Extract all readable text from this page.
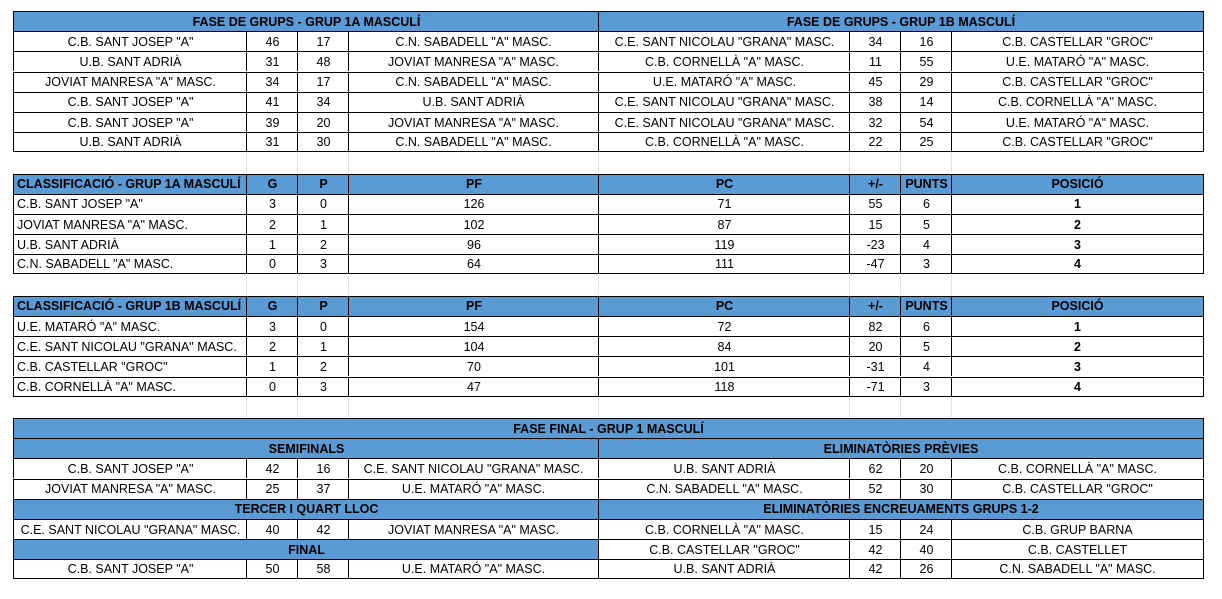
FASE DE GRUPS - GRUP 1A MASCULÍ	FASE DE GRUPS - GRUP 1B MASCULÍ
C.B. SANT JOSEP "A"	46	17	C.N. SABADELL "A" MASC.	C.E. SANT NICOLAU "GRANA" MASC.	34	16	C.B. CASTELLAR "GROC"
U.B. SANT ADRIÀ	31	48	JOVIAT MANRESA "A" MASC.	C.B. CORNELLÀ "A" MASC.	11	55	U.E. MATARÓ "A" MASC.
JOVIAT MANRESA "A" MASC.	34	17	C.N. SABADELL "A" MASC.	U.E. MATARÓ "A" MASC.	45	29	C.B. CASTELLAR "GROC"
C.B. SANT JOSEP "A"	41	34	U.B. SANT ADRIÀ	C.E. SANT NICOLAU "GRANA" MASC.	38	14	C.B. CORNELLÀ "A" MASC.
C.B. SANT JOSEP "A"	39	20	JOVIAT MANRESA "A" MASC.	C.E. SANT NICOLAU "GRANA" MASC.	32	54	U.E. MATARÓ "A" MASC.
U.B. SANT ADRIÀ	31	30	C.N. SABADELL "A" MASC.	C.B. CORNELLÀ "A" MASC.	22	25	C.B. CASTELLAR "GROC"
CLASSIFICACIÓ - GRUP 1A MASCULÍ	G	P	PF	PC	+/-	PUNTS	POSICIÓ
C.B. SANT JOSEP "A"	3	0	126	71	55	6	1
JOVIAT MANRESA "A" MASC.	2	1	102	87	15	5	2
U.B. SANT ADRIÀ	1	2	96	119	-23	4	3
C.N. SABADELL "A" MASC.	0	3	64	111	-47	3	4
CLASSIFICACIÓ - GRUP 1B MASCULÍ	G	P	PF	PC	+/-	PUNTS	POSICIÓ
U.E. MATARÓ "A" MASC.	3	0	154	72	82	6	1
C.E. SANT NICOLAU "GRANA" MASC.	2	1	104	84	20	5	2
C.B. CASTELLAR "GROC"	1	2	70	101	-31	4	3
C.B. CORNELLÀ "A" MASC.	0	3	47	118	-71	3	4
FASE FINAL - GRUP 1 MASCULÍ
SEMIFINALS	ELIMINATÒRIES PRÈVIES
C.B. SANT JOSEP "A"	42	16	C.E. SANT NICOLAU "GRANA" MASC.	U.B. SANT ADRIÀ	62	20	C.B. CORNELLÀ "A" MASC.
JOVIAT MANRESA "A" MASC.	25	37	U.E. MATARÓ "A" MASC.	C.N. SABADELL "A" MASC.	52	30	C.B. CASTELLAR "GROC"
TERCER I QUART LLOC	ELIMINATÒRIES ENCREUAMENTS GRUPS 1-2
C.E. SANT NICOLAU "GRANA" MASC.	40	42	JOVIAT MANRESA "A" MASC.	C.B. CORNELLÀ "A" MASC.	15	24	C.B. GRUP BARNA
FINAL	C.B. CASTELLAR "GROC"	42	40	C.B. CASTELLET
C.B. SANT JOSEP "A"	50	58	U.E. MATARÓ "A" MASC.	U.B. SANT ADRIÀ	42	26	C.N. SABADELL "A" MASC.
